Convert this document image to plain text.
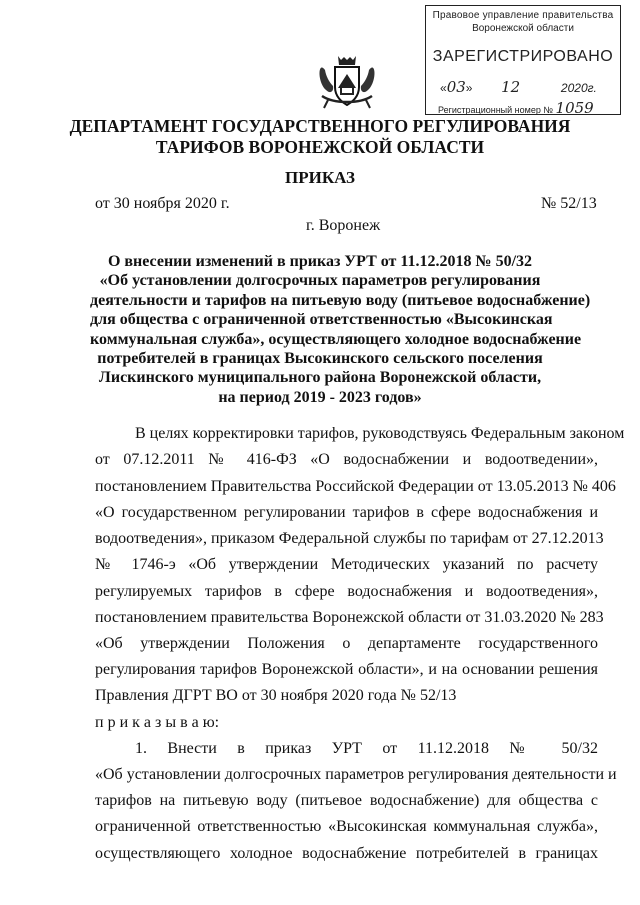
Правовое управление правительства
Воронежской области
ЗАРЕГИСТРИРОВАНО
«03»  12	2020г.
Регистрационный номер № 1059
ДЕПАРТАМЕНТ ГОСУДАРСТВЕННОГО РЕГУЛИРОВАНИЯ
ТАРИФОВ ВОРОНЕЖСКОЙ ОБЛАСТИ
ПРИКАЗ
от 30 ноября 2020 г.	№ 52/13
г. Воронеж
О внесении изменений в приказ УРТ от 11.12.2018 № 50/32
«Об установлении долгосрочных параметров регулирования
деятельности и тарифов на питьевую воду (питьевое водоснабжение)
для общества с ограниченной ответственностью «Высокинская
коммунальная служба», осуществляющего холодное водоснабжение
потребителей в границах Высокинского сельского поселения
Лискинского муниципального района Воронежской области,
на период 2019 - 2023 годов»
В целях корректировки тарифов, руководствуясь Федеральным законом
от 07.12.2011 № 416-ФЗ «О водоснабжении и водоотведении»,
постановлением Правительства Российской Федерации от 13.05.2013 № 406
«О государственном регулировании тарифов в сфере водоснабжения и
водоотведения», приказом Федеральной службы по тарифам от 27.12.2013
№ 1746-э «Об утверждении Методических указаний по расчету
регулируемых тарифов в сфере водоснабжения и водоотведения»,
постановлением правительства Воронежской области от 31.03.2020 № 283
«Об утверждении Положения о департаменте государственного
регулирования тарифов Воронежской области», и на основании решения
Правления ДГРТ ВО от 30 ноября 2020 года № 52/13
п р и к а з ы в а ю:
1. Внести в приказ УРТ от 11.12.2018 № 50/32
«Об установлении долгосрочных параметров регулирования деятельности и
тарифов на питьевую воду (питьевое водоснабжение) для общества с
ограниченной ответственностью «Высокинская коммунальная служба»,
осуществляющего холодное водоснабжение потребителей в границах
